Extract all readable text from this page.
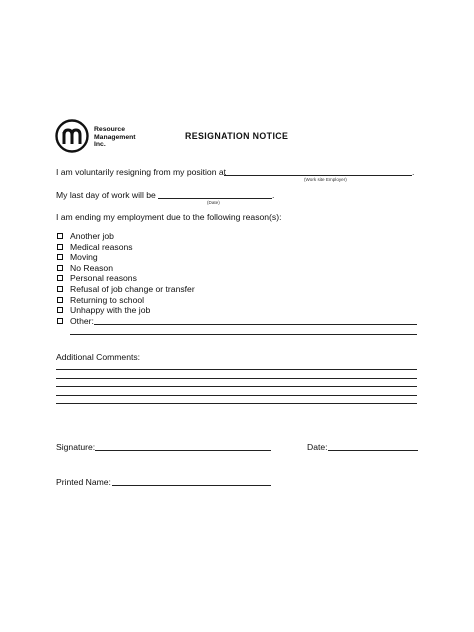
Resource
Management
Inc.
RESIGNATION NOTICE
I am voluntarily resigning from my position at	.
(Work site Employer)
My last day of work will be	.
(Date)
I am ending my employment due to the following reason(s):
Another job
Medical reasons
Moving
No Reason
Personal reasons
Refusal of job change or transfer
Returning to school
Unhappy with the job
Other:
Additional Comments:
Signature:	Date:
Printed Name:
